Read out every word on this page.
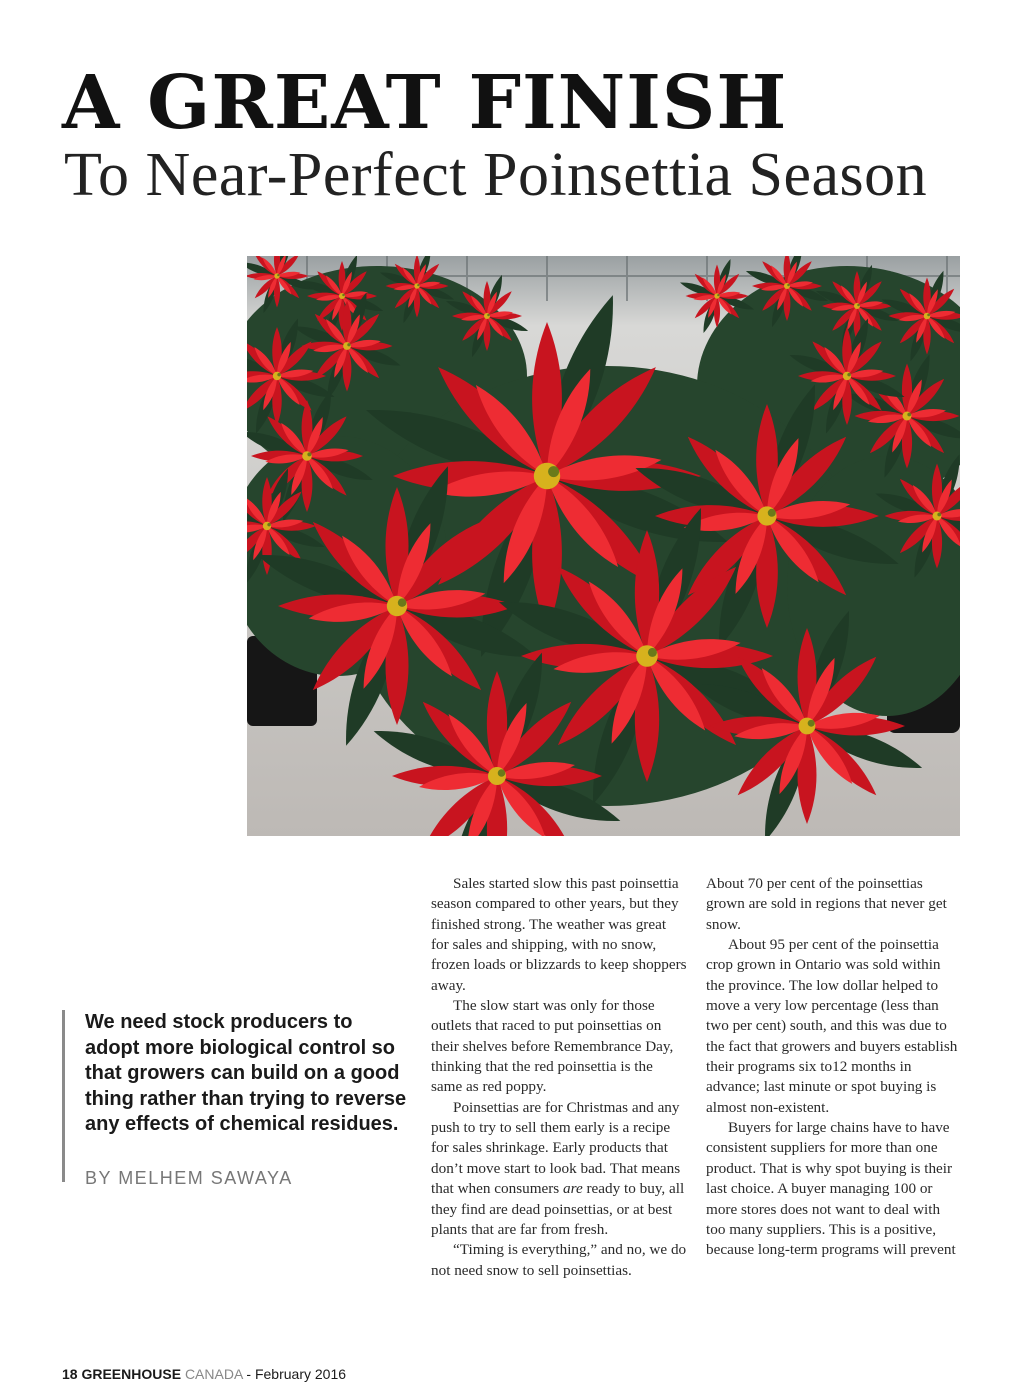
A GREAT FINISH
To Near-Perfect Poinsettia Season

We need stock producers to adopt more biological control so that growers can build on a good thing rather than trying to reverse any effects of chemical residues.

BY MELHEM SAWAYA

Sales started slow this past poinsettia season compared to other years, but they finished strong. The weather was great for sales and shipping, with no snow, frozen loads or blizzards to keep shoppers away.

The slow start was only for those outlets that raced to put poinsettias on their shelves before Remembrance Day, thinking that the red poinsettia is the same as red poppy.

Poinsettias are for Christmas and any push to try to sell them early is a recipe for sales shrinkage. Early products that don’t move start to look bad. That means that when consumers are ready to buy, all they find are dead poinsettias, or at best plants that are far from fresh.

“Timing is everything,” and no, we do not need snow to sell poinsettias.

About 70 per cent of the poinsettias grown are sold in regions that never get snow.

About 95 per cent of the poinsettia crop grown in Ontario was sold within the province. The low dollar helped to move a very low percentage (less than two per cent) south, and this was due to the fact that growers and buyers establish their programs six to12 months in advance; last minute or spot buying is almost non-existent.

Buyers for large chains have to have consistent suppliers for more than one product. That is why spot buying is their last choice. A buyer managing 100 or more stores does not want to deal with too many suppliers. This is a positive, because long-term programs will prevent

18 GREENHOUSE CANADA - February 2016
